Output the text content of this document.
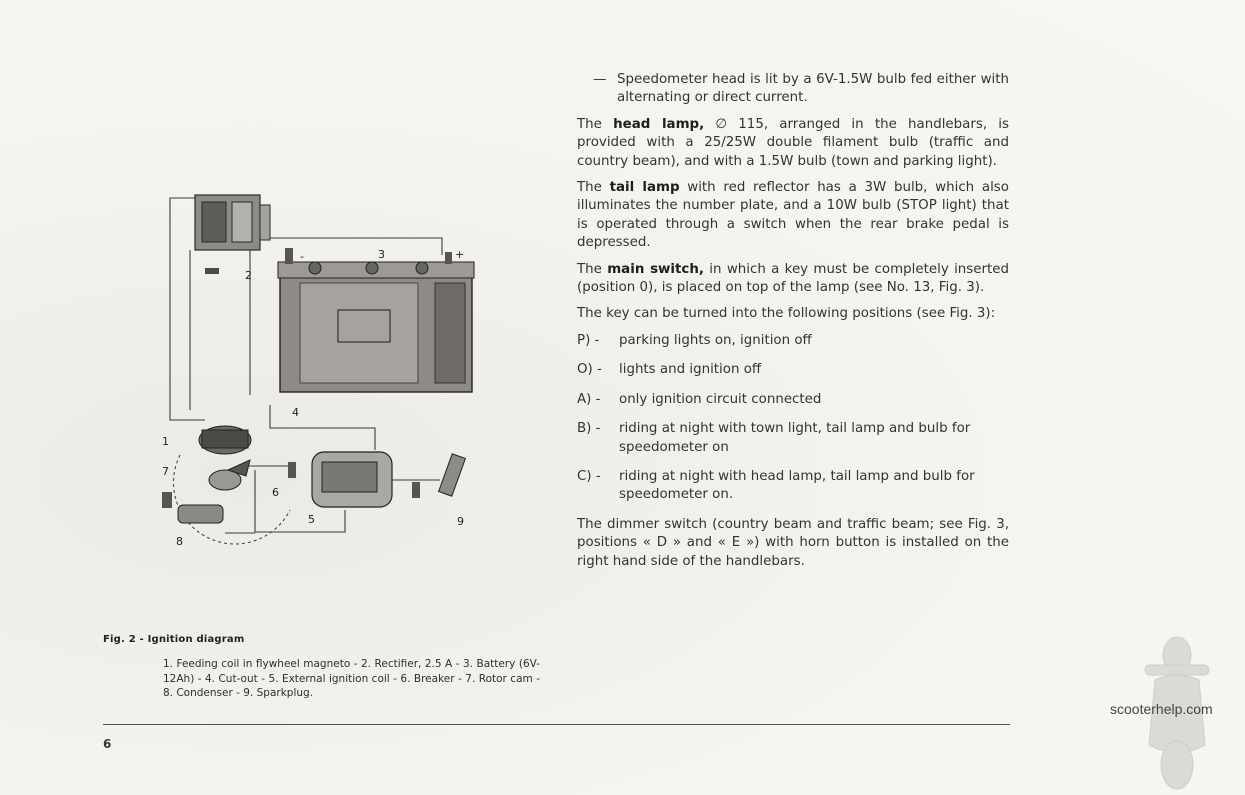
2
3
4
1
7
6
8
5	9
-	+
Fig. 2 - Ignition diagram
1. Feeding coil in flywheel magneto - 2. Rectifier, 2.5 A - 3. Battery (6V-12Ah) - 4. Cut-out - 5. External ignition coil - 6. Breaker - 7. Rotor cam - 8. Condenser - 9. Sparkplug.
— Speedometer head is lit by a 6V-1.5W bulb fed either with alternating or direct current.

The head lamp, ∅ 115, arranged in the handlebars, is provided with a 25/25W double filament bulb (traffic and country beam), and with a 1.5W bulb (town and parking light).

The tail lamp with red reflector has a 3W bulb, which also illuminates the number plate, and a 10W bulb (STOP light) that is operated through a switch when the rear brake pedal is depressed.

The main switch, in which a key must be completely inserted (position 0), is placed on top of the lamp (see No. 13, Fig. 3).

The key can be turned into the following positions (see Fig. 3):

P) -	parking lights on, ignition off
O) -	lights and ignition off
A) -	only ignition circuit connected
B) -	riding at night with town light, tail lamp and bulb for speedometer on
C) -	riding at night with head lamp, tail lamp and bulb for speedometer on.

The dimmer switch (country beam and traffic beam; see Fig. 3, positions « D » and « E ») with horn button is installed on the right hand side of the handlebars.

6
scooterhelp.com
